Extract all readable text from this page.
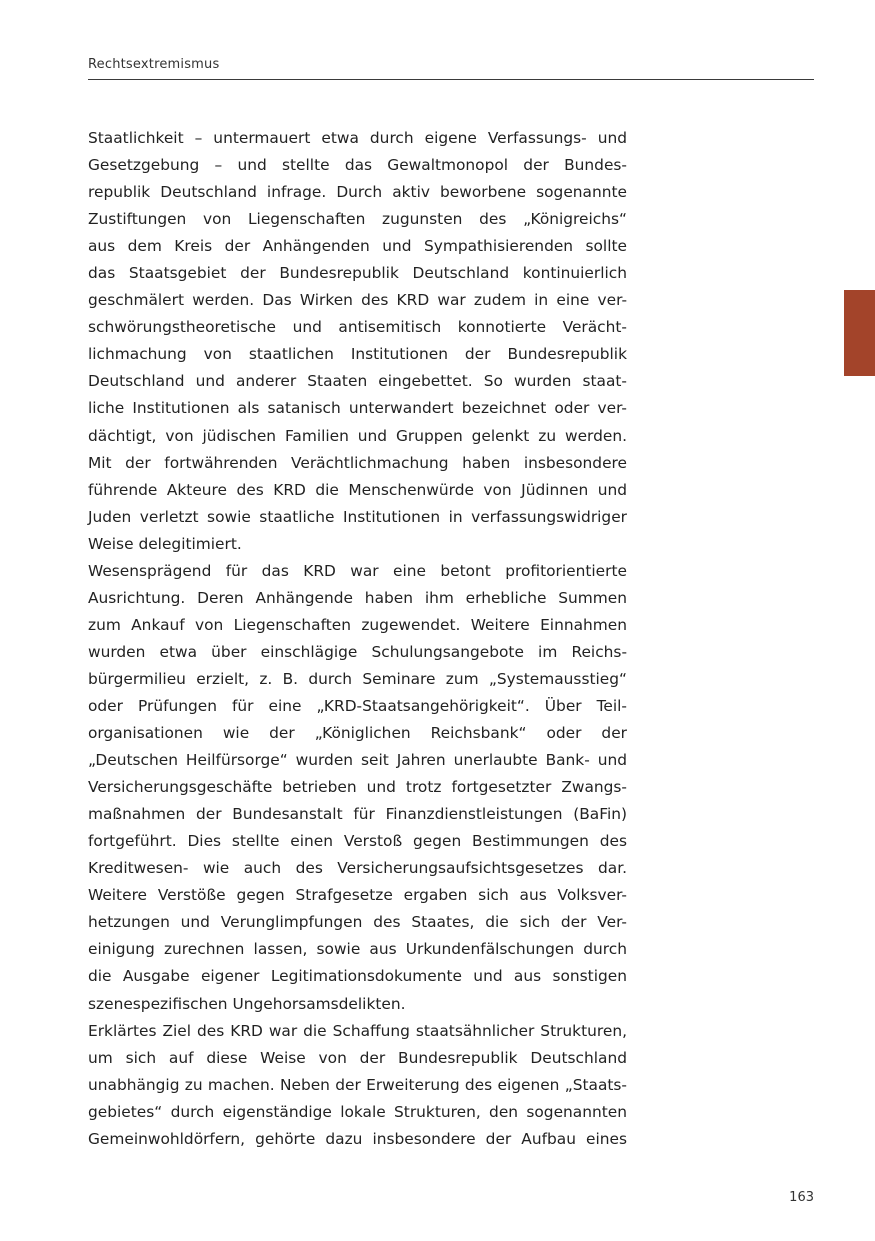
Rechtsextremismus
Staatlichkeit – untermauert etwa durch eigene Verfassungs- und
Gesetzgebung – und stellte das Gewaltmonopol der Bundes-
republik Deutschland infrage. Durch aktiv beworbene sogenannte
Zustiftungen von Liegenschaften zugunsten des „Königreichs“
aus dem Kreis der Anhängenden und Sympathisierenden sollte
das Staatsgebiet der Bundesrepublik Deutschland kontinuierlich
geschmälert werden. Das Wirken des KRD war zudem in eine ver-
schwörungstheoretische und antisemitisch konnotierte Verächt-
lichmachung von staatlichen Institutionen der Bundesrepublik
Deutschland und anderer Staaten eingebettet. So wurden staat-
liche Institutionen als satanisch unterwandert bezeichnet oder ver-
dächtigt, von jüdischen Familien und Gruppen gelenkt zu werden.
Mit der fortwährenden Verächtlichmachung haben insbesondere
führende Akteure des KRD die Menschenwürde von Jüdinnen und
Juden verletzt sowie staatliche Institutionen in verfassungswidriger
Weise delegitimiert.
Wesensprägend für das KRD war eine betont profitorientierte
Ausrichtung. Deren Anhängende haben ihm erhebliche Summen
zum Ankauf von Liegenschaften zugewendet. Weitere Einnahmen
wurden etwa über einschlägige Schulungsangebote im Reichs-
bürgermilieu erzielt, z. B. durch Seminare zum „Systemausstieg“
oder Prüfungen für eine „KRD-Staatsangehörigkeit“. Über Teil-
organisationen wie der „Königlichen Reichsbank“ oder der
„Deutschen Heilfürsorge“ wurden seit Jahren unerlaubte Bank- und
Versicherungsgeschäfte betrieben und trotz fortgesetzter Zwangs-
maßnahmen der Bundesanstalt für Finanzdienstleistungen (BaFin)
fortgeführt. Dies stellte einen Verstoß gegen Bestimmungen des
Kreditwesen- wie auch des Versicherungsaufsichtsgesetzes dar.
Weitere Verstöße gegen Strafgesetze ergaben sich aus Volksver-
hetzungen und Verunglimpfungen des Staates, die sich der Ver-
einigung zurechnen lassen, sowie aus Urkundenfälschungen durch
die Ausgabe eigener Legitimationsdokumente und aus sonstigen
szenespezifischen Ungehorsamsdelikten.
Erklärtes Ziel des KRD war die Schaffung staatsähnlicher Strukturen,
um sich auf diese Weise von der Bundesrepublik Deutschland
unabhängig zu machen. Neben der Erweiterung des eigenen „Staats-
gebietes“ durch eigenständige lokale Strukturen, den sogenannten
Gemeinwohldörfern, gehörte dazu insbesondere der Aufbau eines
163
